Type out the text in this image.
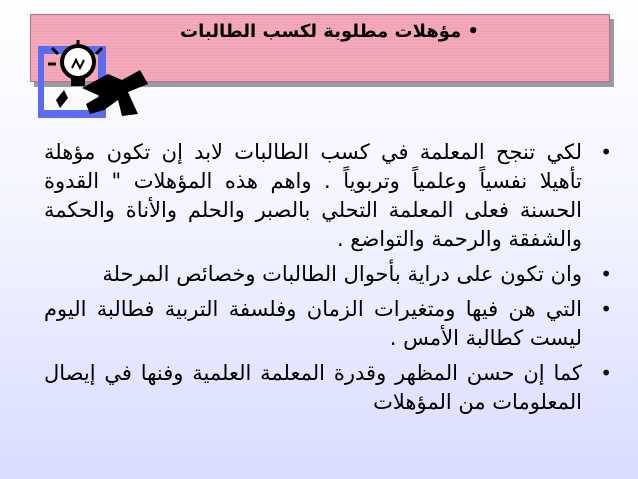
• مؤهلات مطلوبة لكسب الطالبات
• لكي تنجح المعلمة في كسب الطالبات لابد إن تكون مؤهلة تأهيلا نفسياً وعلمياً وتربوياً . واهم هذه المؤهلات " القدوة الحسنة فعلى المعلمة التحلي بالصبر والحلم والأناة والحكمة والشفقة والرحمة والتواضع .
• وان تكون على دراية بأحوال الطالبات وخصائص المرحلة
• التي هن فيها ومتغيرات الزمان وفلسفة التربية فطالبة اليوم ليست كطالبة الأمس .
• كما إن حسن المظهر وقدرة المعلمة العلمية وفنها في إيصال المعلومات من المؤهلات
